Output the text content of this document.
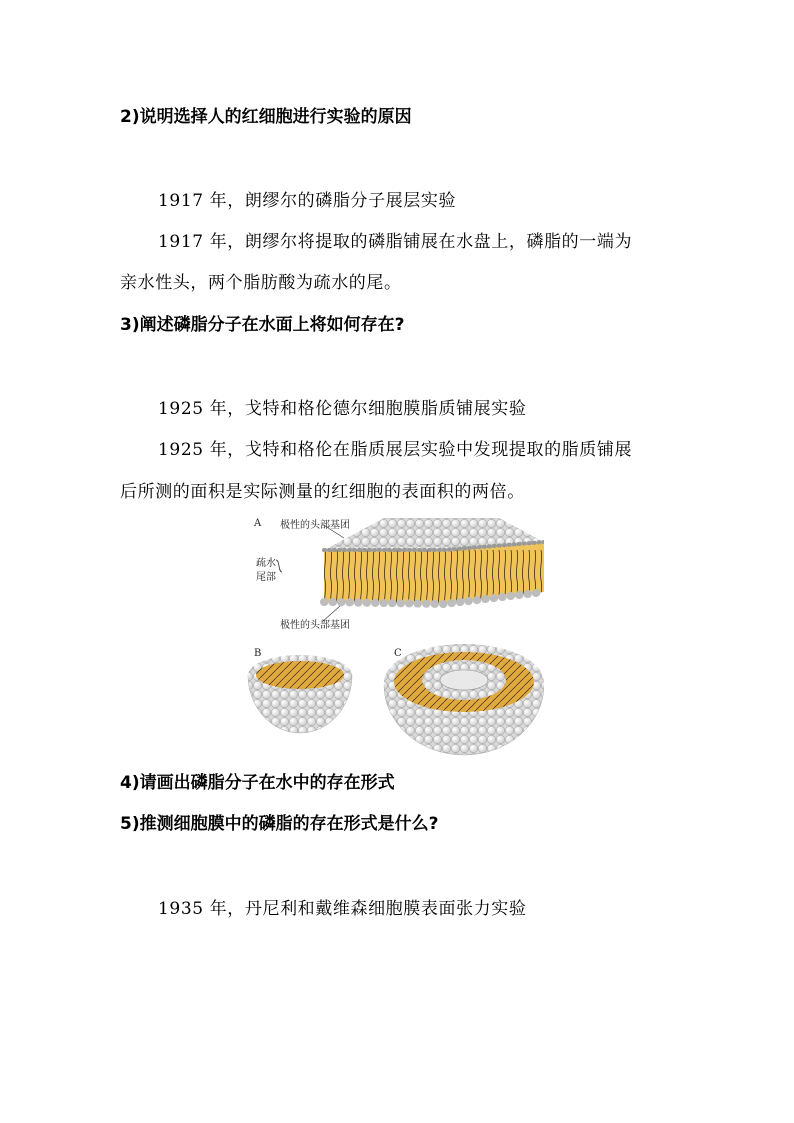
2)说明选择人的红细胞进行实验的原因
1917 年，朗缪尔的磷脂分子展层实验
1917 年，朗缪尔将提取的磷脂铺展在水盘上，磷脂的一端为
亲水性头，两个脂肪酸为疏水的尾。
3)阐述磷脂分子在水面上将如何存在?
1925 年，戈特和格伦德尔细胞膜脂质铺展实验
1925 年，戈特和格伦在脂质展层实验中发现提取的脂质铺展
后所测的面积是实际测量的红细胞的表面积的两倍。
A 极性的头部基团
疏水
尾部
极性的头部基团
B	C
4)请画出磷脂分子在水中的存在形式
5)推测细胞膜中的磷脂的存在形式是什么?
1935 年，丹尼利和戴维森细胞膜表面张力实验
